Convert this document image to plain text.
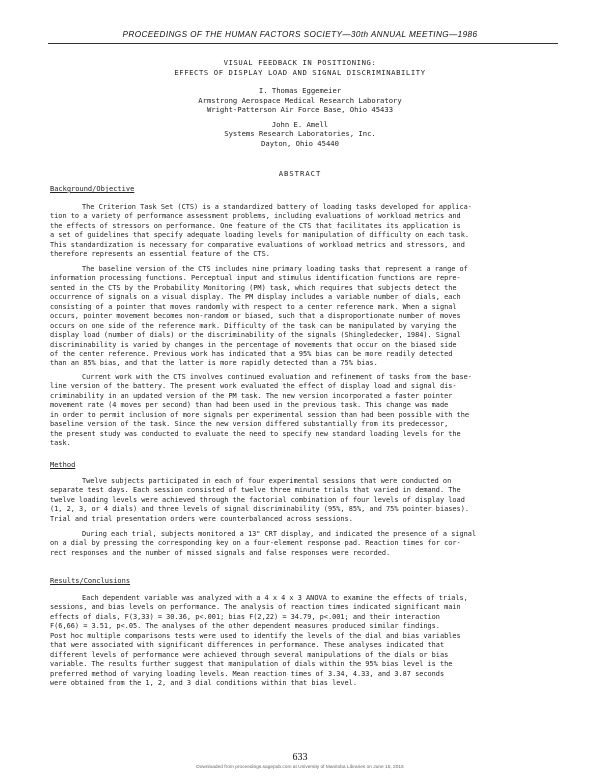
PROCEEDINGS OF THE HUMAN FACTORS SOCIETY—30th ANNUAL MEETING—1986
VISUAL FEEDBACK IN POSITIONING:
EFFECTS OF DISPLAY LOAD AND SIGNAL DISCRIMINABILITY
I. Thomas Eggemeier
Armstrong Aerospace Medical Research Laboratory
Wright-Patterson Air Force Base, Ohio 45433
John E. Amell
Systems Research Laboratories, Inc.
Dayton, Ohio 45440
ABSTRACT
Background/Objective
The Criterion Task Set (CTS) is a standardized battery of loading tasks developed for applica-
tion to a variety of performance assessment problems, including evaluations of workload metrics and
the effects of stressors on performance. One feature of the CTS that facilitates its application is
a set of guidelines that specify adequate loading levels for manipulation of difficulty on each task.
This standardization is necessary for comparative evaluations of workload metrics and stressors, and
therefore represents an essential feature of the CTS.
The baseline version of the CTS includes nine primary loading tasks that represent a range of
information processing functions. Perceptual input and stimulus identification functions are repre-
sented in the CTS by the Probability Monitoring (PM) task, which requires that subjects detect the
occurrence of signals on a visual display. The PM display includes a variable number of dials, each
consisting of a pointer that moves randomly with respect to a center reference mark. When a signal
occurs, pointer movement becomes non-random or biased, such that a disproportionate number of moves
occurs on one side of the reference mark. Difficulty of the task can be manipulated by varying the
display load (number of dials) or the discriminability of the signals (Shingledecker, 1984). Signal
discriminability is varied by changes in the percentage of movements that occur on the biased side
of the center reference. Previous work has indicated that a 95% bias can be more readily detected
than an 85% bias, and that the latter is more rapidly detected than a 75% bias.
Current work with the CTS involves continued evaluation and refinement of tasks from the base-
line version of the battery. The present work evaluated the effect of display load and signal dis-
criminability in an updated version of the PM task. The new version incorporated a faster pointer
movement rate (4 moves per second) than had been used in the previous task. This change was made
in order to permit inclusion of more signals per experimental session than had been possible with the
baseline version of the task. Since the new version differed substantially from its predecessor,
the present study was conducted to evaluate the need to specify new standard loading levels for the
task.
Method
Twelve subjects participated in each of four experimental sessions that were conducted on
separate test days. Each session consisted of twelve three minute trials that varied in demand. The
twelve loading levels were achieved through the factorial combination of four levels of display load
(1, 2, 3, or 4 dials) and three levels of signal discriminability (95%, 85%, and 75% pointer biases).
Trial and trial presentation orders were counterbalanced across sessions.
During each trial, subjects monitored a 13" CRT display, and indicated the presence of a signal
on a dial by pressing the corresponding key on a four-element response pad. Reaction times for cor-
rect responses and the number of missed signals and false responses were recorded.
Results/Conclusions
Each dependent variable was analyzed with a 4 x 4 x 3 ANOVA to examine the effects of trials,
sessions, and bias levels on performance. The analysis of reaction times indicated significant main
effects of dials, F(3,33) = 30.36, p<.001; bias F(2,22) = 34.79, p<.001; and their interaction
F(6,66) = 3.51, p<.05. The analyses of the other dependent measures produced similar findings.
Post hoc multiple comparisons tests were used to identify the levels of the dial and bias variables
that were associated with significant differences in performance. These analyses indicated that
different levels of performance were achieved through several manipulations of the dials or bias
variable. The results further suggest that manipulation of dials within the 95% bias level is the
preferred method of varying loading levels. Mean reaction times of 3.34, 4.33, and 3.87 seconds
were obtained from the 1, 2, and 3 dial conditions within that bias level.
633
Downloaded from proceedings.sagepub.com at University of Manitoba Libraries on June 15, 2015
